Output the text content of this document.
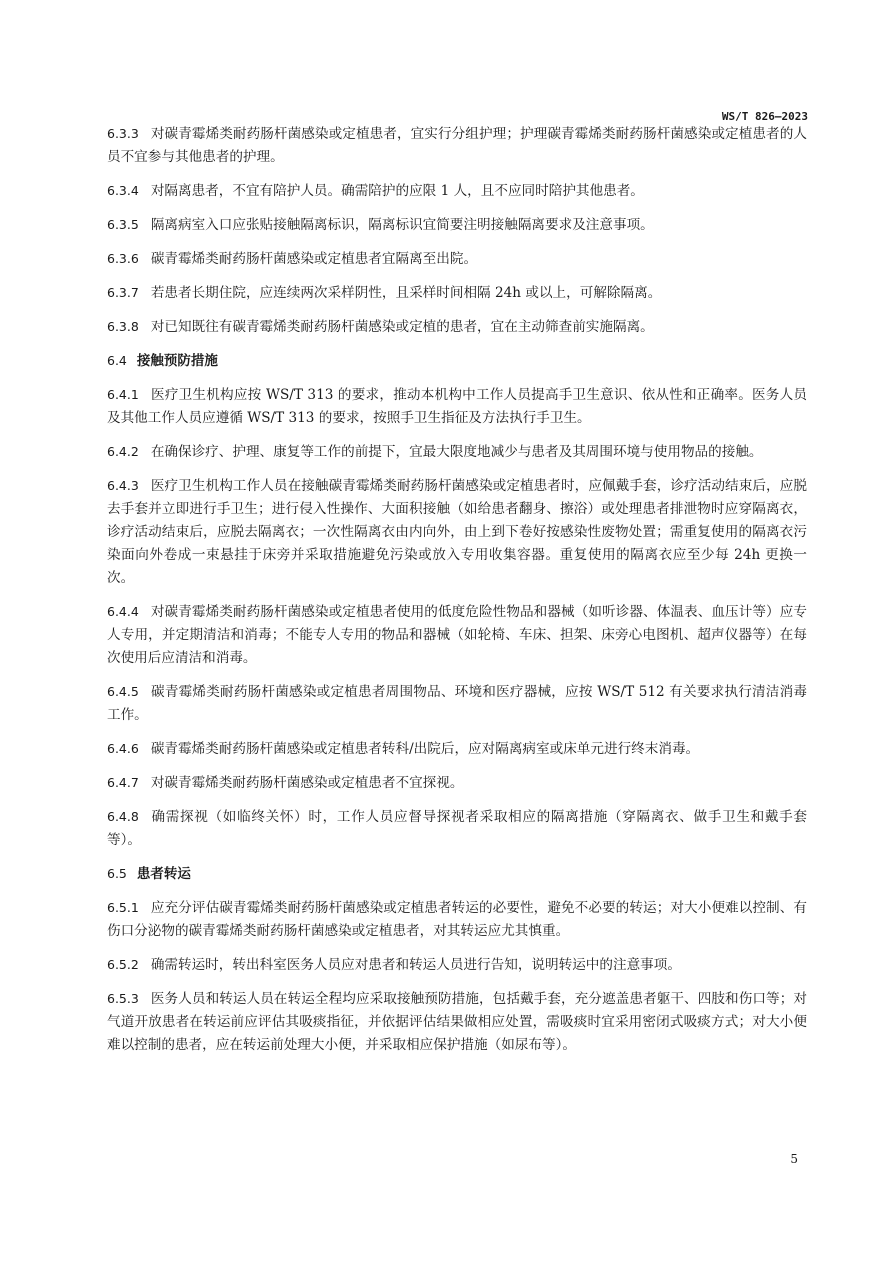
WS/T 826—2023
6.3.3 对碳青霉烯类耐药肠杆菌感染或定植患者，宜实行分组护理；护理碳青霉烯类耐药肠杆菌感染或定植患者的人员不宜参与其他患者的护理。
6.3.4 对隔离患者，不宜有陪护人员。确需陪护的应限 1 人，且不应同时陪护其他患者。
6.3.5 隔离病室入口应张贴接触隔离标识，隔离标识宜简要注明接触隔离要求及注意事项。
6.3.6 碳青霉烯类耐药肠杆菌感染或定植患者宜隔离至出院。
6.3.7 若患者长期住院，应连续两次采样阴性，且采样时间相隔 24h 或以上，可解除隔离。
6.3.8 对已知既往有碳青霉烯类耐药肠杆菌感染或定植的患者，宜在主动筛查前实施隔离。
6.4 接触预防措施
6.4.1 医疗卫生机构应按 WS/T 313 的要求，推动本机构中工作人员提高手卫生意识、依从性和正确率。医务人员及其他工作人员应遵循 WS/T 313 的要求，按照手卫生指征及方法执行手卫生。
6.4.2 在确保诊疗、护理、康复等工作的前提下，宜最大限度地减少与患者及其周围环境与使用物品的接触。
6.4.3 医疗卫生机构工作人员在接触碳青霉烯类耐药肠杆菌感染或定植患者时，应佩戴手套，诊疗活动结束后，应脱去手套并立即进行手卫生；进行侵入性操作、大面积接触（如给患者翻身、擦浴）或处理患者排泄物时应穿隔离衣，诊疗活动结束后，应脱去隔离衣；一次性隔离衣由内向外，由上到下卷好按感染性废物处置；需重复使用的隔离衣污染面向外卷成一束悬挂于床旁并采取措施避免污染或放入专用收集容器。重复使用的隔离衣应至少每 24h 更换一次。
6.4.4 对碳青霉烯类耐药肠杆菌感染或定植患者使用的低度危险性物品和器械（如听诊器、体温表、血压计等）应专人专用，并定期清洁和消毒；不能专人专用的物品和器械（如轮椅、车床、担架、床旁心电图机、超声仪器等）在每次使用后应清洁和消毒。
6.4.5 碳青霉烯类耐药肠杆菌感染或定植患者周围物品、环境和医疗器械，应按 WS/T 512 有关要求执行清洁消毒工作。
6.4.6 碳青霉烯类耐药肠杆菌感染或定植患者转科/出院后，应对隔离病室或床单元进行终末消毒。
6.4.7 对碳青霉烯类耐药肠杆菌感染或定植患者不宜探视。
6.4.8 确需探视（如临终关怀）时，工作人员应督导探视者采取相应的隔离措施（穿隔离衣、做手卫生和戴手套等）。
6.5 患者转运
6.5.1 应充分评估碳青霉烯类耐药肠杆菌感染或定植患者转运的必要性，避免不必要的转运；对大小便难以控制、有伤口分泌物的碳青霉烯类耐药肠杆菌感染或定植患者，对其转运应尤其慎重。
6.5.2 确需转运时，转出科室医务人员应对患者和转运人员进行告知，说明转运中的注意事项。
6.5.3 医务人员和转运人员在转运全程均应采取接触预防措施，包括戴手套，充分遮盖患者躯干、四肢和伤口等；对气道开放患者在转运前应评估其吸痰指征，并依据评估结果做相应处置，需吸痰时宜采用密闭式吸痰方式；对大小便难以控制的患者，应在转运前处理大小便，并采取相应保护措施（如尿布等）。
5
